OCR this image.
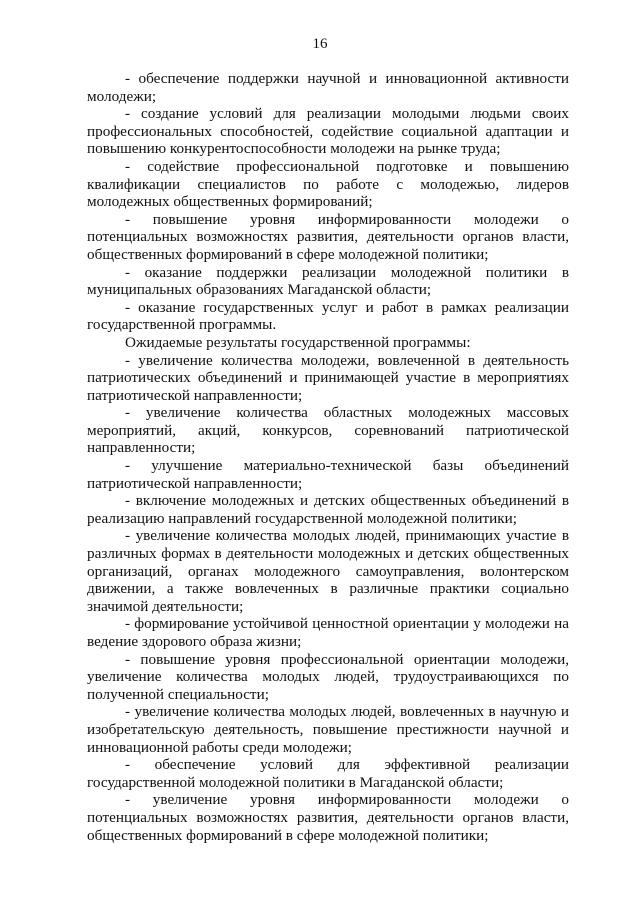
16

- обеспечение поддержки научной и инновационной активности молодежи;

- создание условий для реализации молодыми людьми своих профессиональных способностей, содействие социальной адаптации и повышению конкурентоспособности молодежи на рынке труда;

- содействие профессиональной подготовке и повышению квалификации специалистов по работе с молодежью, лидеров молодежных общественных формирований;

- повышение уровня информированности молодежи о потенциальных возможностях развития, деятельности органов власти, общественных формирований в сфере молодежной политики;

- оказание поддержки реализации молодежной политики в муниципальных образованиях Магаданской области;

- оказание государственных услуг и работ в рамках реализации государственной программы.

Ожидаемые результаты государственной программы:

- увеличение количества молодежи, вовлеченной в деятельность патриотических объединений и принимающей участие в мероприятиях патриотической направленности;

- увеличение количества областных молодежных массовых мероприятий, акций, конкурсов, соревнований патриотической направленности;

- улучшение материально-технической базы объединений патриотической направленности;

- включение молодежных и детских общественных объединений в реализацию направлений государственной молодежной политики;

- увеличение количества молодых людей, принимающих участие в различных формах в деятельности молодежных и детских общественных организаций, органах молодежного самоуправления, волонтерском движении, а также вовлеченных в различные практики социально значимой деятельности;

- формирование устойчивой ценностной ориентации у молодежи на ведение здорового образа жизни;

- повышение уровня профессиональной ориентации молодежи, увеличение количества молодых людей, трудоустраивающихся по полученной специальности;

- увеличение количества молодых людей, вовлеченных в научную и изобретательскую деятельность, повышение престижности научной и инновационной работы среди молодежи;

- обеспечение условий для эффективной реализации государственной молодежной политики в Магаданской области;

- увеличение уровня информированности молодежи о потенциальных возможностях развития, деятельности органов власти, общественных формирований в сфере молодежной политики;
